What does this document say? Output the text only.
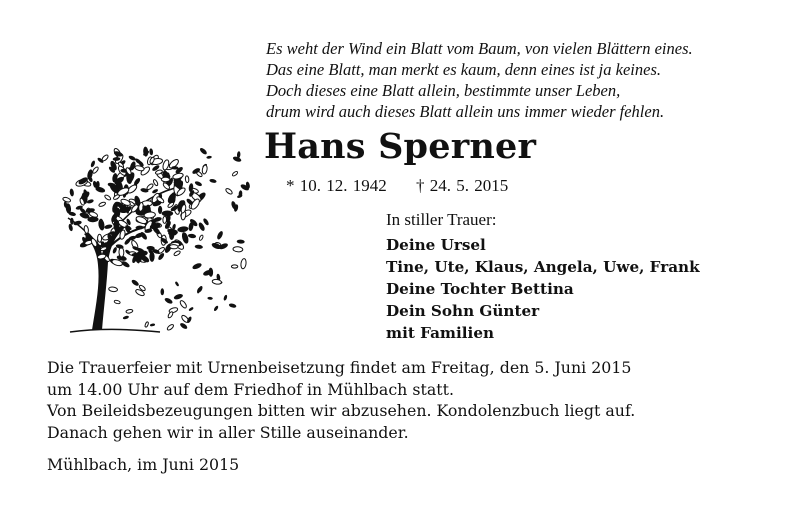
Es weht der Wind ein Blatt vom Baum, von vielen Blättern eines.
Das eine Blatt, man merkt es kaum, denn eines ist ja keines.
Doch dieses eine Blatt allein, bestimmte unser Leben,
drum wird auch dieses Blatt allein uns immer wieder fehlen.
Hans Sperner
* 10. 12. 1942 † 24. 5. 2015
In stiller Trauer:
Deine Ursel
Tine, Ute, Klaus, Angela, Uwe, Frank
Deine Tochter Bettina
Dein Sohn Günter
mit Familien
Die Trauerfeier mit Urnenbeisetzung findet am Freitag, den 5. Juni 2015
um 14.00 Uhr auf dem Friedhof in Mühlbach statt.
Von Beileidsbezeugungen bitten wir abzusehen. Kondolenzbuch liegt auf.
Danach gehen wir in aller Stille auseinander.
Mühlbach, im Juni 2015
